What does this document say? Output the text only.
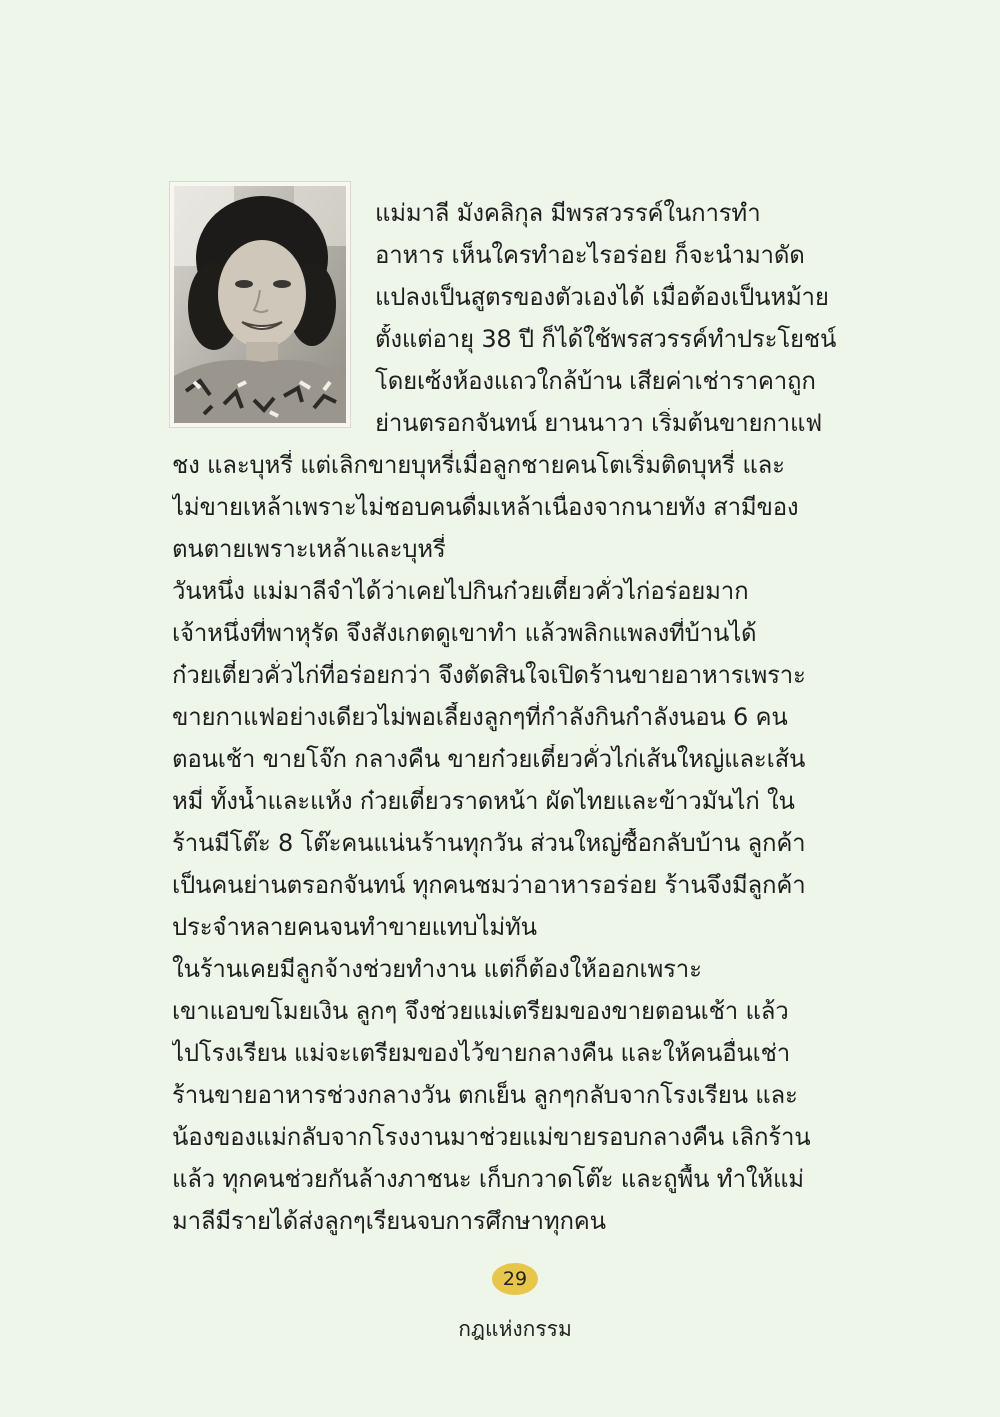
แม่มาลี มังคลิกุล มีพรสวรรค์ในการทำ
อาหาร เห็นใครทำอะไรอร่อย ก็จะนำมาดัด
แปลงเป็นสูตรของตัวเองได้ เมื่อต้องเป็นหม้าย
ตั้งแต่อายุ 38 ปี ก็ได้ใช้พรสวรรค์ทำประโยชน์
โดยเซ้งห้องแถวใกล้บ้าน เสียค่าเช่าราคาถูก
ย่านตรอกจันทน์ ยานนาวา เริ่มต้นขายกาแฟ
ชง และบุหรี่ แต่เลิกขายบุหรี่เมื่อลูกชายคนโตเริ่มติดบุหรี่ และ
ไม่ขายเหล้าเพราะไม่ชอบคนดื่มเหล้าเนื่องจากนายทัง สามีของ
ตนตายเพราะเหล้าและบุหรี่
วันหนึ่ง แม่มาลีจำได้ว่าเคยไปกินก๋วยเตี๋ยวคั่วไก่อร่อยมาก
เจ้าหนึ่งที่พาหุรัด จึงสังเกตดูเขาทำ แล้วพลิกแพลงที่บ้านได้
ก๋วยเตี๋ยวคั่วไก่ที่อร่อยกว่า จึงตัดสินใจเปิดร้านขายอาหารเพราะ
ขายกาแฟอย่างเดียวไม่พอเลี้ยงลูกๆที่กำลังกินกำลังนอน 6 คน
ตอนเช้า ขายโจ๊ก กลางคืน ขายก๋วยเตี๋ยวคั่วไก่เส้นใหญ่และเส้น
หมี่ ทั้งน้ำและแห้ง ก๋วยเตี๋ยวราดหน้า ผัดไทยและข้าวมันไก่ ใน
ร้านมีโต๊ะ 8 โต๊ะคนแน่นร้านทุกวัน ส่วนใหญ่ซื้อกลับบ้าน ลูกค้า
เป็นคนย่านตรอกจันทน์ ทุกคนชมว่าอาหารอร่อย ร้านจึงมีลูกค้า
ประจำหลายคนจนทำขายแทบไม่ทัน
ในร้านเคยมีลูกจ้างช่วยทำงาน แต่ก็ต้องให้ออกเพราะ
เขาแอบขโมยเงิน ลูกๆ จึงช่วยแม่เตรียมของขายตอนเช้า แล้ว
ไปโรงเรียน แม่จะเตรียมของไว้ขายกลางคืน และให้คนอื่นเช่า
ร้านขายอาหารช่วงกลางวัน ตกเย็น ลูกๆกลับจากโรงเรียน และ
น้องของแม่กลับจากโรงงานมาช่วยแม่ขายรอบกลางคืน เลิกร้าน
แล้ว ทุกคนช่วยกันล้างภาชนะ เก็บกวาดโต๊ะ และถูพื้น ทำให้แม่
มาลีมีรายได้ส่งลูกๆเรียนจบการศึกษาทุกคน
29
กฎแห่งกรรม
